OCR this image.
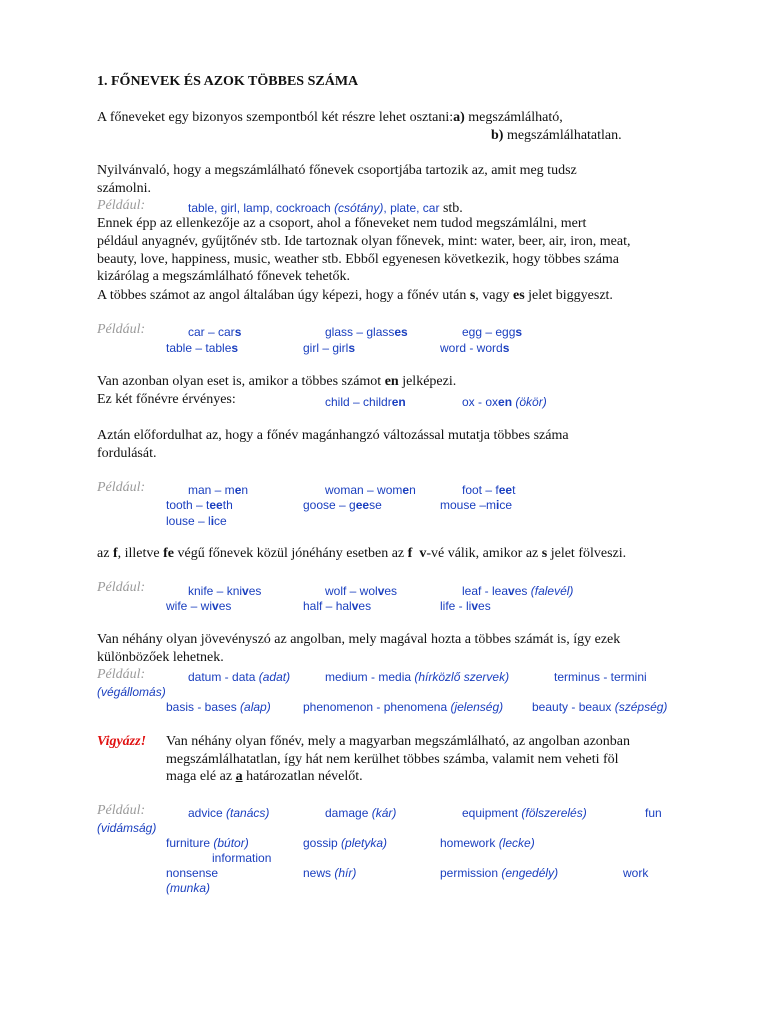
1. FŐNEVEK ÉS AZOK TÖBBES SZÁMA
A főneveket egy bizonyos szempontból két részre lehet osztani:a) megszámlálható,
b) megszámlálhatatlan.
Nyilvánvaló, hogy a megszámlálható főnevek csoportjába tartozik az, amit meg tudsz
számolni.
Például:	table, girl, lamp, cockroach (csótány), plate, car stb.
Ennek épp az ellenkezője az a csoport, ahol a főneveket nem tudod megszámlálni, mert
például anyagnév, gyűjtőnév stb. Ide tartoznak olyan főnevek, mint: water, beer, air, iron, meat,
beauty, love, happiness, music, weather stb. Ebből egyenesen következik, hogy többes száma
kizárólag a megszámlálható főnevek tehetők.
A többes számot az angol általában úgy képezi, hogy a főnév után s, vagy es jelet biggyeszt.
Például:	car – cars	glass – glasses	egg – eggs
table – tables	girl – girls	word - words
Van azonban olyan eset is, amikor a többes számot en jelképezi.
Ez két főnévre érvényes:	child – children	ox - oxen (ökör)
Aztán előfordulhat az, hogy a főnév magánhangzó változással mutatja többes száma
fordulását.
Például:	man – men	woman – women	foot – feet
tooth – teeth	goose – geese	mouse –mice
louse – lice
az f, illetve fe végű főnevek közül jónéhány esetben az f v-vé válik, amikor az s jelet fölveszi.
Például:	knife – knives	wolf – wolves	leaf - leaves (falevél)
wife – wives	half – halves	life - lives
Van néhány olyan jövevényszó az angolban, mely magával hozta a többes számát is, így ezek
különbözőek lehetnek.
Például:	datum - data (adat)	medium - media (hírközlő szervek)	terminus - termini
(végállomás)
basis - bases (alap)	phenomenon - phenomena (jelenség) beauty - beaux (szépség)
Vigyázz! Van néhány olyan főnév, mely a magyarban megszámlálható, az angolban azonban
megszámlálhatatlan, így hát nem kerülhet többes számba, valamit nem veheti föl
maga elé az a határozatlan névelőt.
Például:	advice (tanács)	damage (kár)	equipment (fölszerelés)	fun
(vidámság)
furniture (bútor)	gossip (pletyka)	homework (lecke)
information
nonsense	news (hír)	permission (engedély)	work
(munka)
